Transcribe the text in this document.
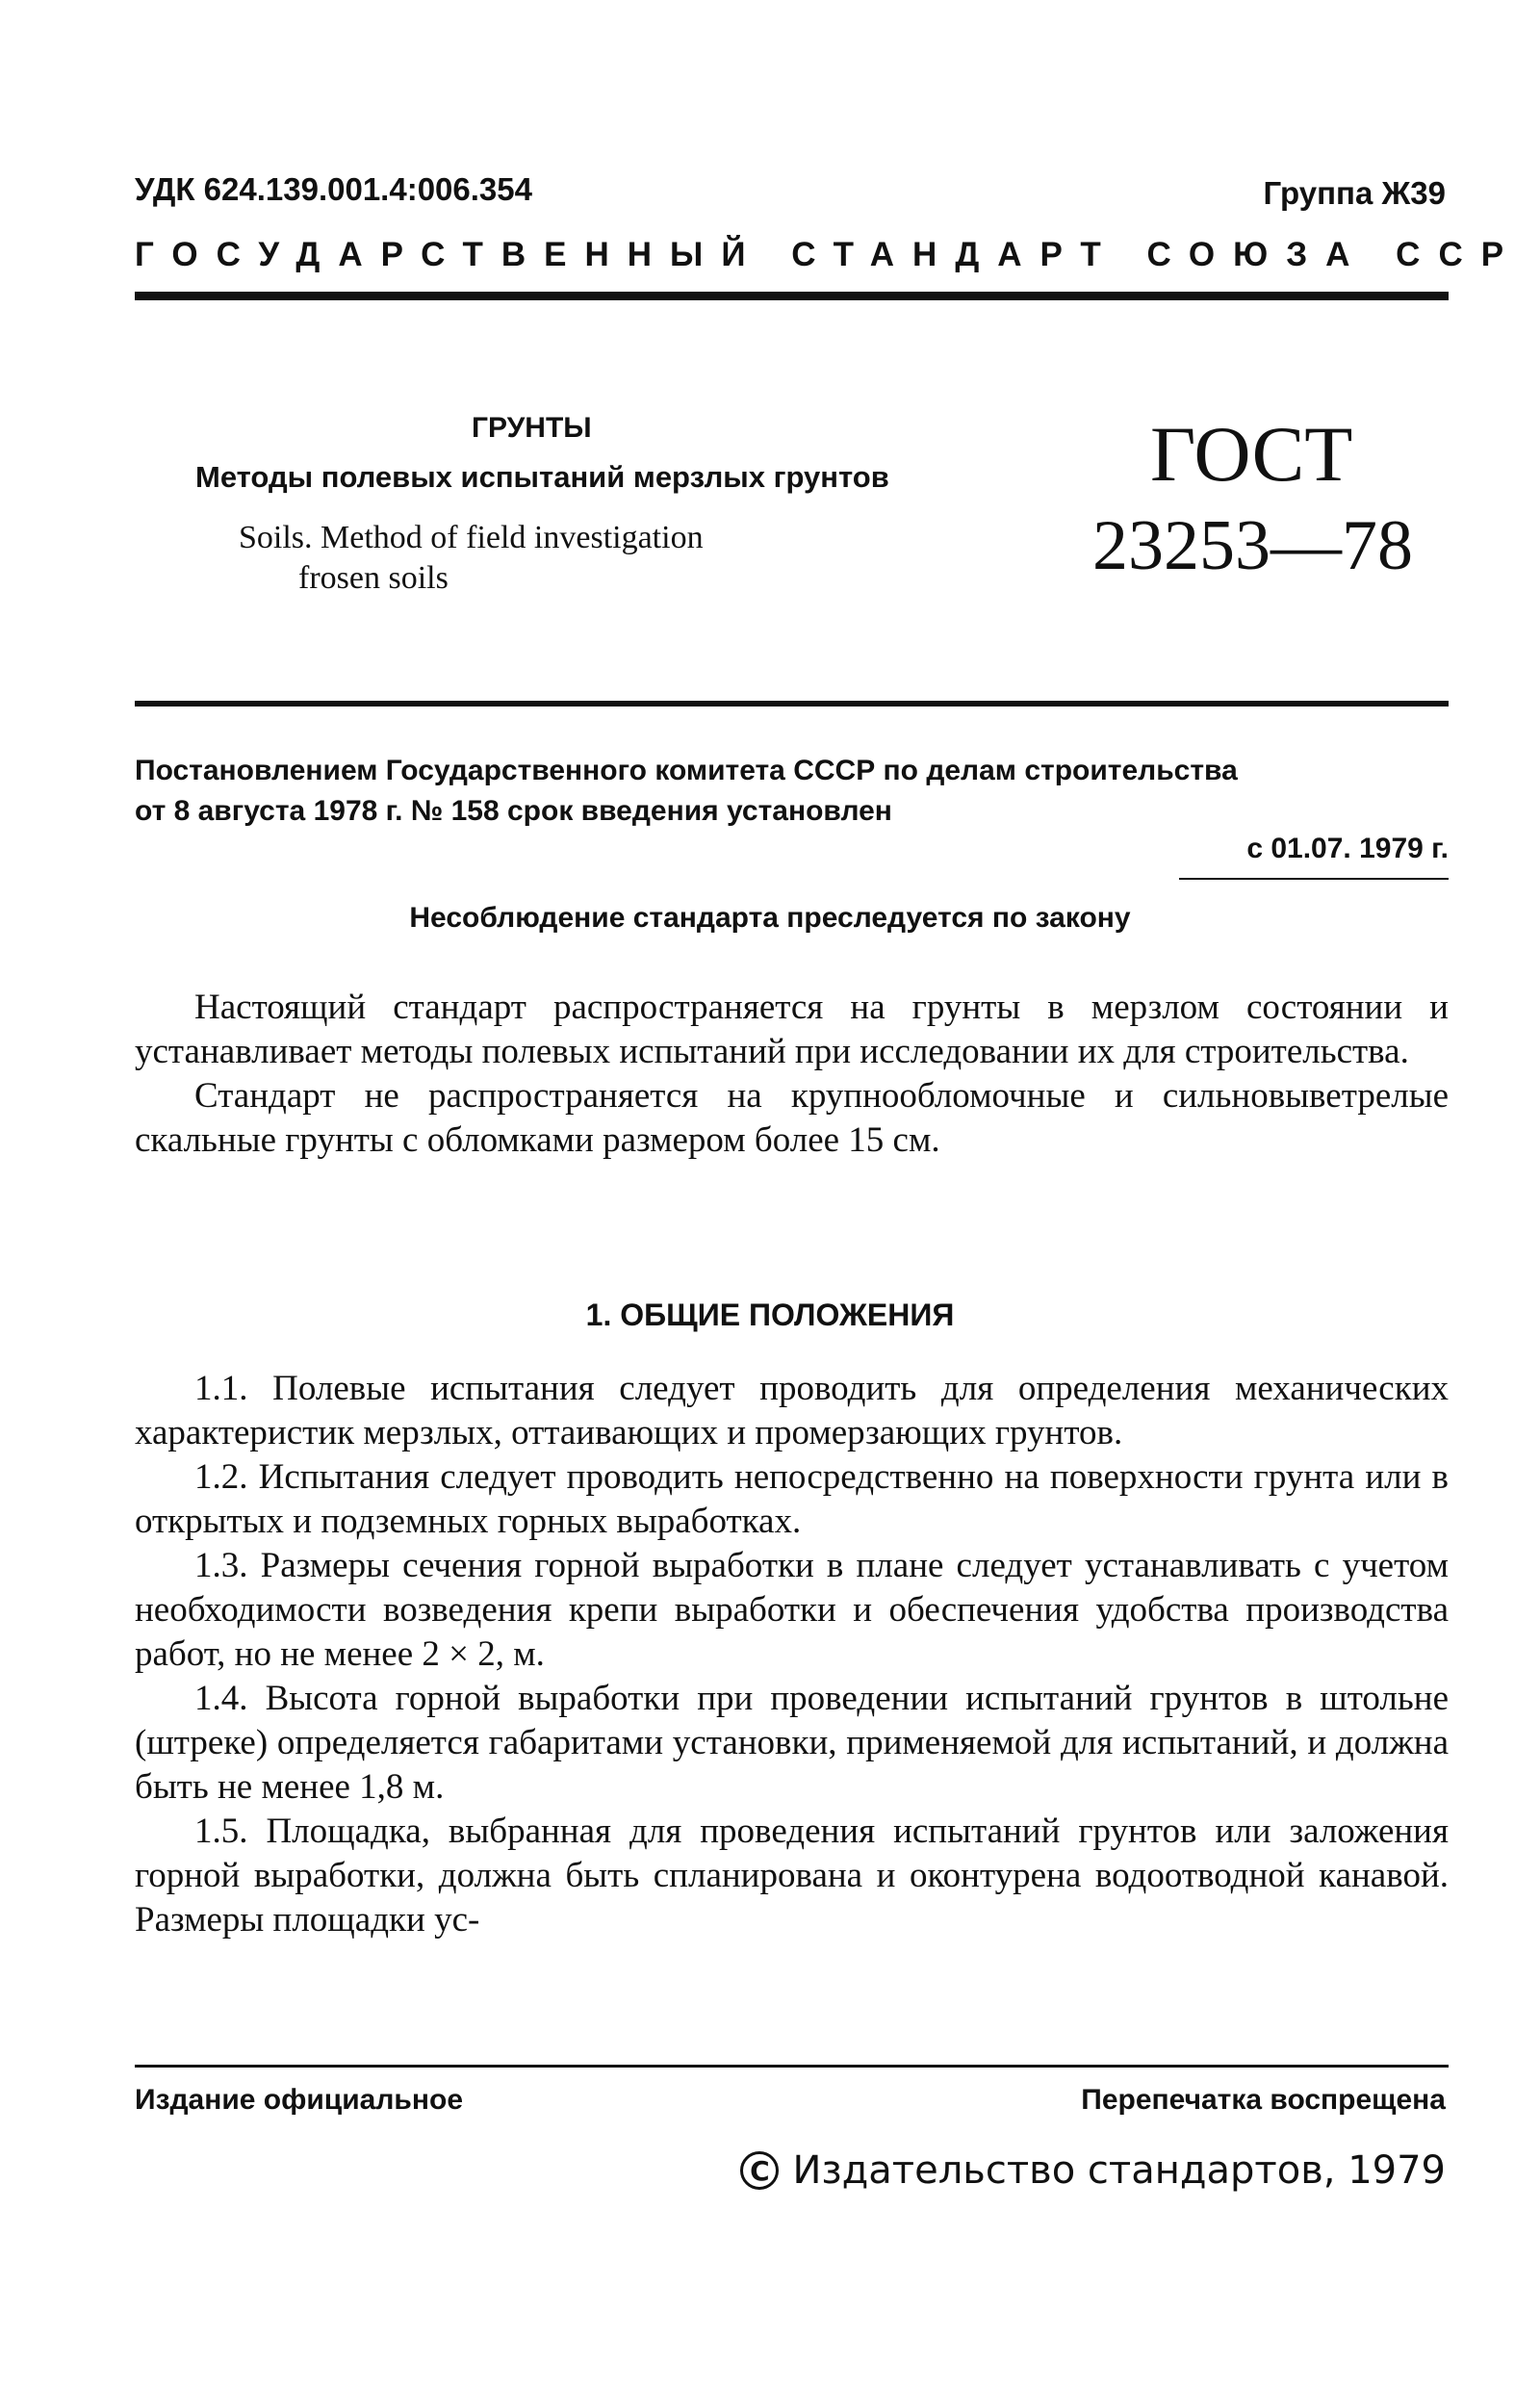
УДК 624.139.001.4:006.354	Группа Ж39
ГОСУДАРСТВЕННЫЙ СТАНДАРТ СОЮЗА ССР
ГРУНТЫ
Методы полевых испытаний мерзлых грунтов
Soils. Method of field investigation
frosen soils
ГОСТ
23253—78
Постановлением Государственного комитета СССР по делам строительства
от 8 августа 1978 г. № 158 срок введения установлен
с 01.07. 1979 г.
Несоблюдение стандарта преследуется по закону

Настоящий стандарт распространяется на грунты в мерзлом состоянии и устанавливает методы полевых испытаний при исследовании их для строительства.

Стандарт не распространяется на крупнообломочные и сильновыветрелые скальные грунты с обломками размером более 15 см.

1. ОБЩИЕ ПОЛОЖЕНИЯ

1.1. Полевые испытания следует проводить для определения механических характеристик мерзлых, оттаивающих и промерзающих грунтов.

1.2. Испытания следует проводить непосредственно на поверхности грунта или в открытых и подземных горных выработках.

1.3. Размеры сечения горной выработки в плане следует устанавливать с учетом необходимости возведения крепи выработки и обеспечения удобства производства работ, но не менее 2 × 2, м.

1.4. Высота горной выработки при проведении испытаний грунтов в штольне (штреке) определяется габаритами установки, применяемой для испытаний, и должна быть не менее 1,8 м.

1.5. Площадка, выбранная для проведения испытаний грунтов или заложения горной выработки, должна быть спланирована и оконтурена водоотводной канавой. Размеры площадки ус-

Издание официальное	Перепечатка воспрещена
C Издательство стандартов, 1979
